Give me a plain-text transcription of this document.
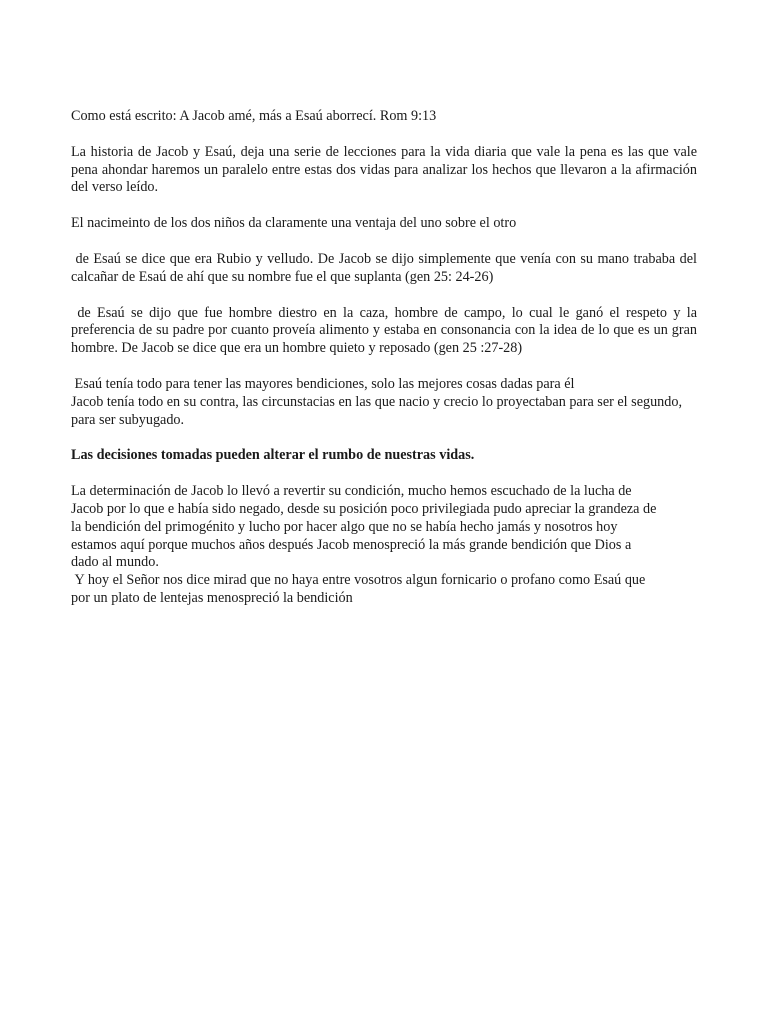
Como está escrito: A Jacob amé, más a Esaú aborrecí. Rom 9:13

La historia de Jacob y Esaú, deja una serie de lecciones para la vida diaria que vale la pena es las que vale pena ahondar haremos un paralelo entre estas dos vidas para analizar los hechos que llevaron a la afirmación del verso leído.

El nacimeinto de los dos niños da claramente una ventaja del uno sobre el otro

de Esaú se dice que era Rubio y velludo. De Jacob se dijo simplemente que venía con su mano trababa del calcañar de Esaú de ahí que su nombre fue el que suplanta (gen 25: 24-26)

de Esaú se dijo que fue hombre diestro en la caza, hombre de campo, lo cual le ganó el respeto y la preferencia de su padre por cuanto proveía alimento y estaba en consonancia con la idea de lo que es un gran hombre. De Jacob se dice que era un hombre quieto y reposado (gen 25 :27-28)

Esaú tenía todo para tener las mayores bendiciones, solo las mejores cosas dadas para él
Jacob tenía todo en su contra, las circunstacias en las que nacio y crecio lo proyectaban para ser el segundo, para ser subyugado.

Las decisiones tomadas pueden alterar el rumbo de nuestras vidas.

La determinación de Jacob lo llevó a revertir su condición, mucho hemos escuchado de la lucha de
Jacob por lo que e había sido negado, desde su posición poco privilegiada pudo apreciar la grandeza de
la bendición del primogénito y lucho por hacer algo que no se había hecho jamás y nosotros hoy
estamos aquí porque muchos años después Jacob menospreció la más grande bendición que Dios a
dado al mundo.

Y hoy el Señor nos dice mirad que no haya entre vosotros algun fornicario o profano como Esaú que
por un plato de lentejas menospreció la bendición
